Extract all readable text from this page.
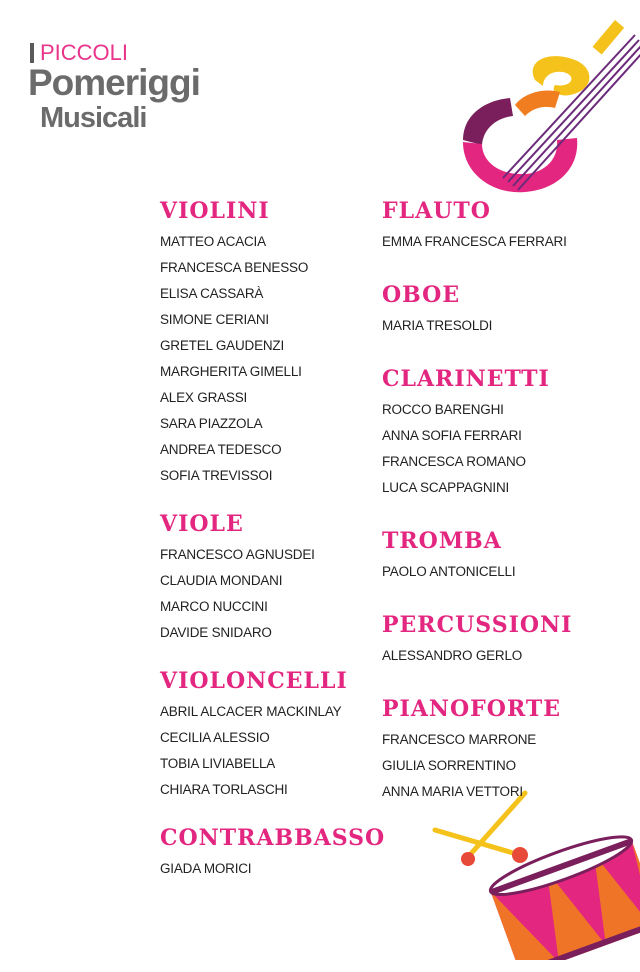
PICCOLI
Pomeriggi
Musicali
VIOLINI
MATTEO ACACIA
FRANCESCA BENESSO
ELISA CASSARÀ
SIMONE CERIANI
GRETEL GAUDENZI
MARGHERITA GIMELLI
ALEX GRASSI
SARA PIAZZOLA
ANDREA TEDESCO
SOFIA TREVISSOI
VIOLE
FRANCESCO AGNUSDEI
CLAUDIA MONDANI
MARCO NUCCINI
DAVIDE SNIDARO
VIOLONCELLI
ABRIL ALCACER MACKINLAY
CECILIA ALESSIO
TOBIA LIVIABELLA
CHIARA TORLASCHI
CONTRABBASSO
GIADA MORICI
FLAUTO
EMMA FRANCESCA FERRARI
OBOE
MARIA TRESOLDI
CLARINETTI
ROCCO BARENGHI
ANNA SOFIA FERRARI
FRANCESCA ROMANO
LUCA SCAPPAGNINI
TROMBA
PAOLO ANTONICELLI
PERCUSSIONI
ALESSANDRO GERLO
PIANOFORTE
FRANCESCO MARRONE
GIULIA SORRENTINO
ANNA MARIA VETTORI
